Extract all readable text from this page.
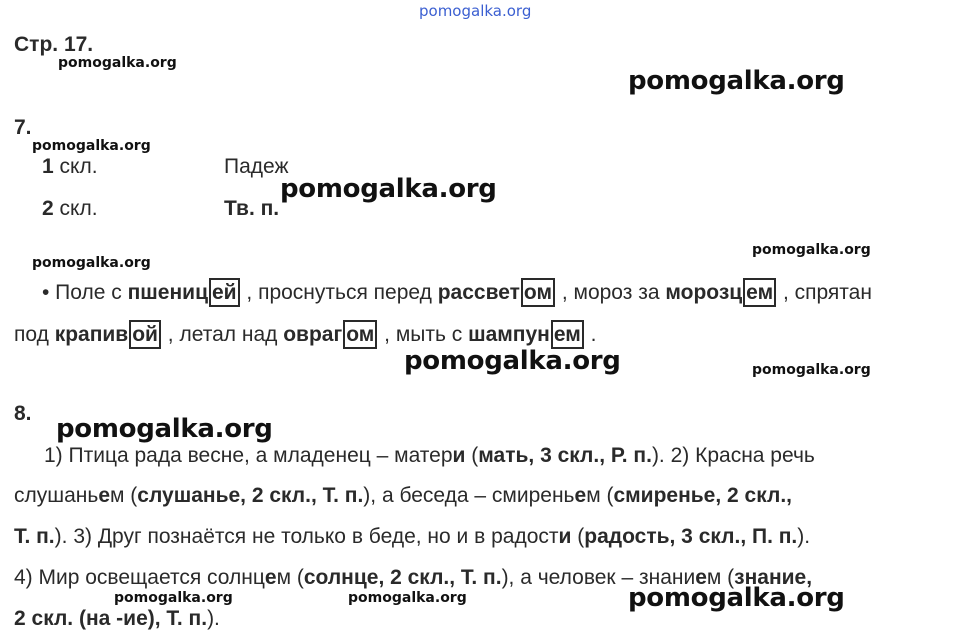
pomogalka.org
pomogalka.org
pomogalka.org
pomogalka.org
pomogalka.org
pomogalka.org
pomogalka.org
pomogalka.org
pomogalka.org
pomogalka.org
pomogalka.org
pomogalka.org	pomogalka.org
Стр. 17.
7.
1 скл.	Падеж
2 скл.	Тв. п.
• Поле с пшениц ей , проснуться перед рассвет ом , мороз за морозц ем , спрятан
под крапив ой , летал над оврaг ом , мыть с шампун ем .
8.
1) Птица рада весне, а младенец – матери (мать, 3 скл., Р. п.). 2) Красна речь
слушаньем (слушанье, 2 скл., Т. п.), а беседа – смиреньем (смиренье, 2 скл.,
Т. п.). 3) Друг познаётся не только в беде, но и в радости (радость, 3 скл., П. п.).
4) Мир освещается солнцем (солнце, 2 скл., Т. п.), а человек – знанием (знание,
2 скл. (на -ие), Т. п.).
